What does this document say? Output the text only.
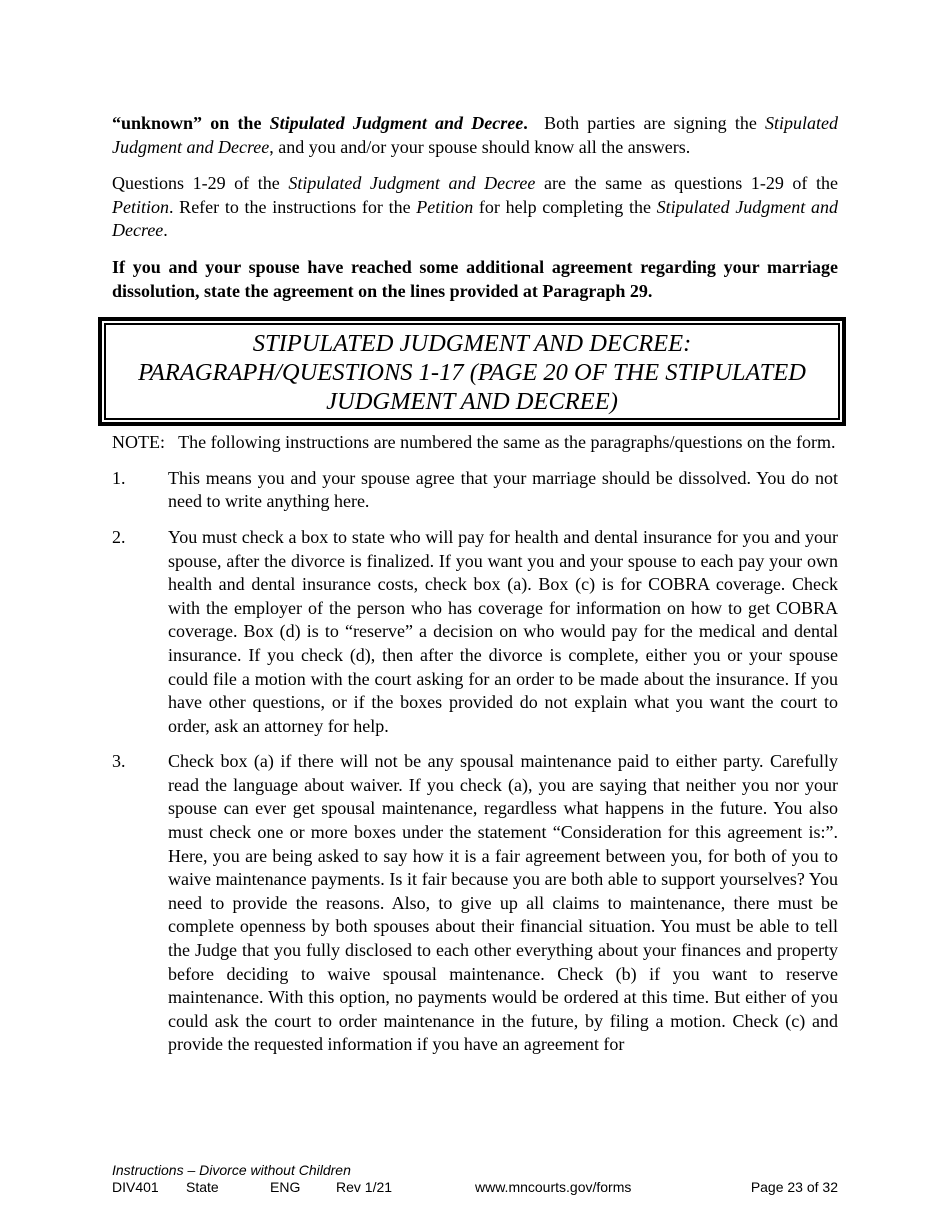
“unknown” on the Stipulated Judgment and Decree.  Both parties are signing the Stipulated Judgment and Decree, and you and/or your spouse should know all the answers.

Questions 1-29 of the Stipulated Judgment and Decree are the same as questions 1-29 of the Petition. Refer to the instructions for the Petition for help completing the Stipulated Judgment and Decree.

If you and your spouse have reached some additional agreement regarding your marriage dissolution, state the agreement on the lines provided at Paragraph 29.

STIPULATED JUDGMENT AND DECREE:
PARAGRAPH/QUESTIONS 1-17 (PAGE 20 OF THE STIPULATED
JUDGMENT AND DECREE)

NOTE:   The following instructions are numbered the same as the paragraphs/questions on the form.

1.	This means you and your spouse agree that your marriage should be dissolved. You do not need to write anything here.

2.	You must check a box to state who will pay for health and dental insurance for you and your spouse, after the divorce is finalized. If you want you and your spouse to each pay your own health and dental insurance costs, check box (a). Box (c) is for COBRA coverage. Check with the employer of the person who has coverage for information on how to get COBRA coverage. Box (d) is to “reserve” a decision on who would pay for the medical and dental insurance. If you check (d), then after the divorce is complete, either you or your spouse could file a motion with the court asking for an order to be made about the insurance. If you have other questions, or if the boxes provided do not explain what you want the court to order, ask an attorney for help.

3.	Check box (a) if there will not be any spousal maintenance paid to either party. Carefully read the language about waiver. If you check (a), you are saying that neither you nor your spouse can ever get spousal maintenance, regardless what happens in the future. You also must check one or more boxes under the statement “Consideration for this agreement is:”. Here, you are being asked to say how it is a fair agreement between you, for both of you to waive maintenance payments. Is it fair because you are both able to support yourselves? You need to provide the reasons. Also, to give up all claims to maintenance, there must be complete openness by both spouses about their financial situation. You must be able to tell the Judge that you fully disclosed to each other everything about your finances and property before deciding to waive spousal maintenance. Check (b) if you want to reserve maintenance. With this option, no payments would be ordered at this time. But either of you could ask the court to order maintenance in the future, by filing a motion. Check (c) and provide the requested information if you have an agreement for

Instructions – Divorce without Children
DIV401 State	ENG	Rev 1/21	www.mncourts.gov/forms	Page 23 of 32
